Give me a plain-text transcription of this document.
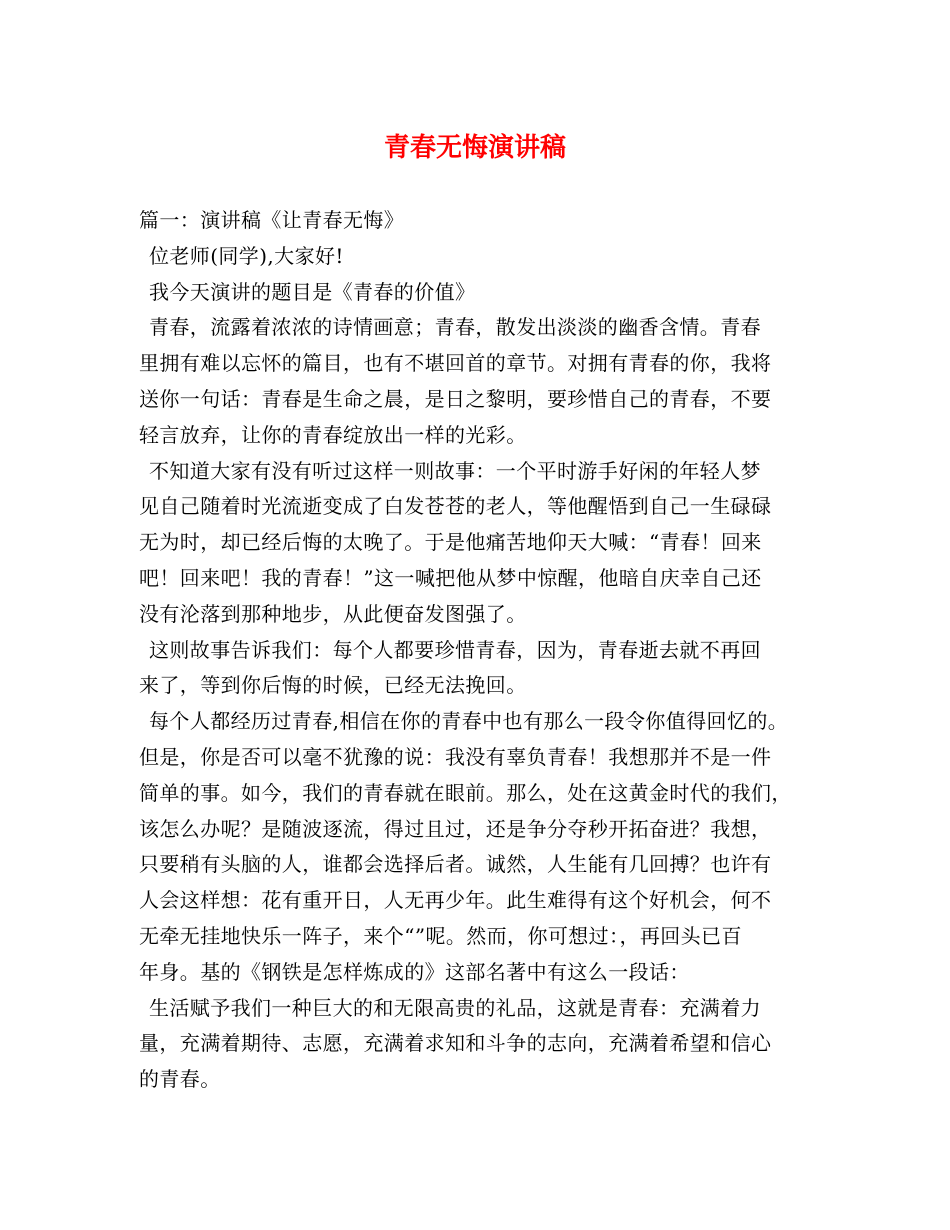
青春无悔演讲稿
篇一：演讲稿《让青春无悔》
位老师(同学),大家好!
我今天演讲的题目是《青春的价值》
青春，流露着浓浓的诗情画意；青春，散发出淡淡的幽香含情。青春
里拥有难以忘怀的篇目，也有不堪回首的章节。对拥有青春的你，我将
送你一句话：青春是生命之晨，是日之黎明，要珍惜自己的青春，不要
轻言放弃，让你的青春绽放出一样的光彩。
不知道大家有没有听过这样一则故事：一个平时游手好闲的年轻人梦
见自己随着时光流逝变成了白发苍苍的老人，等他醒悟到自己一生碌碌
无为时，却已经后悔的太晚了。于是他痛苦地仰天大喊：“青春！回来
吧！回来吧！我的青春！”这一喊把他从梦中惊醒，他暗自庆幸自己还
没有沦落到那种地步，从此便奋发图强了。
这则故事告诉我们：每个人都要珍惜青春，因为，青春逝去就不再回
来了，等到你后悔的时候，已经无法挽回。
每个人都经历过青春,相信在你的青春中也有那么一段令你值得回忆的。
但是，你是否可以毫不犹豫的说：我没有辜负青春！我想那并不是一件
简单的事。如今，我们的青春就在眼前。那么，处在这黄金时代的我们，
该怎么办呢？是随波逐流，得过且过，还是争分夺秒开拓奋进？我想，
只要稍有头脑的人，谁都会选择后者。诚然，人生能有几回搏？也许有
人会这样想：花有重开日，人无再少年。此生难得有这个好机会，何不
无牵无挂地快乐一阵子，来个“”呢。然而，你可想过：，再回头已百
年身。基的《钢铁是怎样炼成的》这部名著中有这么一段话：
生活赋予我们一种巨大的和无限高贵的礼品，这就是青春：充满着力
量，充满着期待、志愿，充满着求知和斗争的志向，充满着希望和信心
的青春。
